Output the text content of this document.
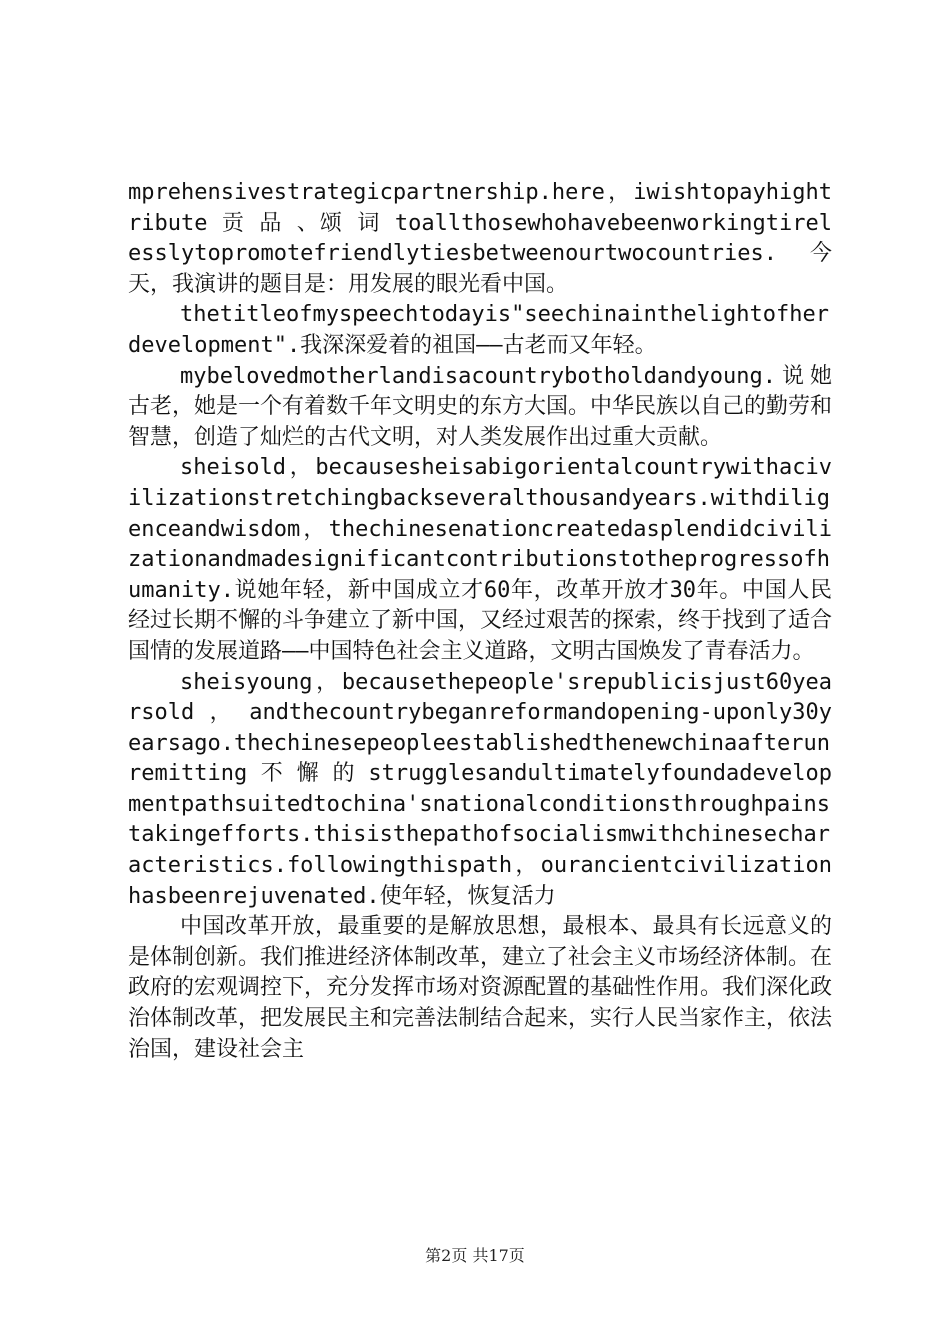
mprehensivestrategicpartnership.here，iwishtopayhightribute 贡 品 、颂 词 toallthosewhohavebeenworkingtirelesslytopromotefriendlytiesbetweenourtwocountries.今天，我演讲的题目是：用发展的眼光看中国。

thetitleofmyspeechtodayis"seechinainthelightofherdevelopment".我深深爱着的祖国——古老而又年轻。

mybelovedmotherlandisacountrybotholdandyoung.说她古老，她是一个有着数千年文明史的东方大国。中华民族以自己的勤劳和智慧，创造了灿烂的古代文明，对人类发展作出过重大贡献。

sheisold，becausesheisabigorientalcountrywithacivilizationstretchingbackseveralthousandyears.withdiligenceandwisdom，thechinesenationcreatedasplendidcivilizationandmadesignificantcontributionstotheprogressofhumanity.说她年轻，新中国成立才60年，改革开放才30年。中国人民经过长期不懈的斗争建立了新中国，又经过艰苦的探索，终于找到了适合国情的发展道路——中国特色社会主义道路，文明古国焕发了青春活力。

sheisyoung，becausethepeople'srepublicisjust60yearsold ， andthecountrybeganreformandopening-uponly30yearsago.thechinesepeopleestablishedthenewchinaafterunremitting 不 懈 的 strugglesandultimatelyfoundadevelopmentpathsuitedtochina'snationalconditionsthroughpainstakingefforts.thisisthepathofsocialismwithchinesecharacteristics.followingthispath，ourancientcivilizationhasbeenrejuvenated.使年轻，恢复活力

中国改革开放，最重要的是解放思想，最根本、最具有长远意义的是体制创新。我们推进经济体制改革，建立了社会主义市场经济体制。在政府的宏观调控下，充分发挥市场对资源配置的基础性作用。我们深化政治体制改革，把发展民主和完善法制结合起来，实行人民当家作主，依法治国，建设社会主

第2页 共17页
